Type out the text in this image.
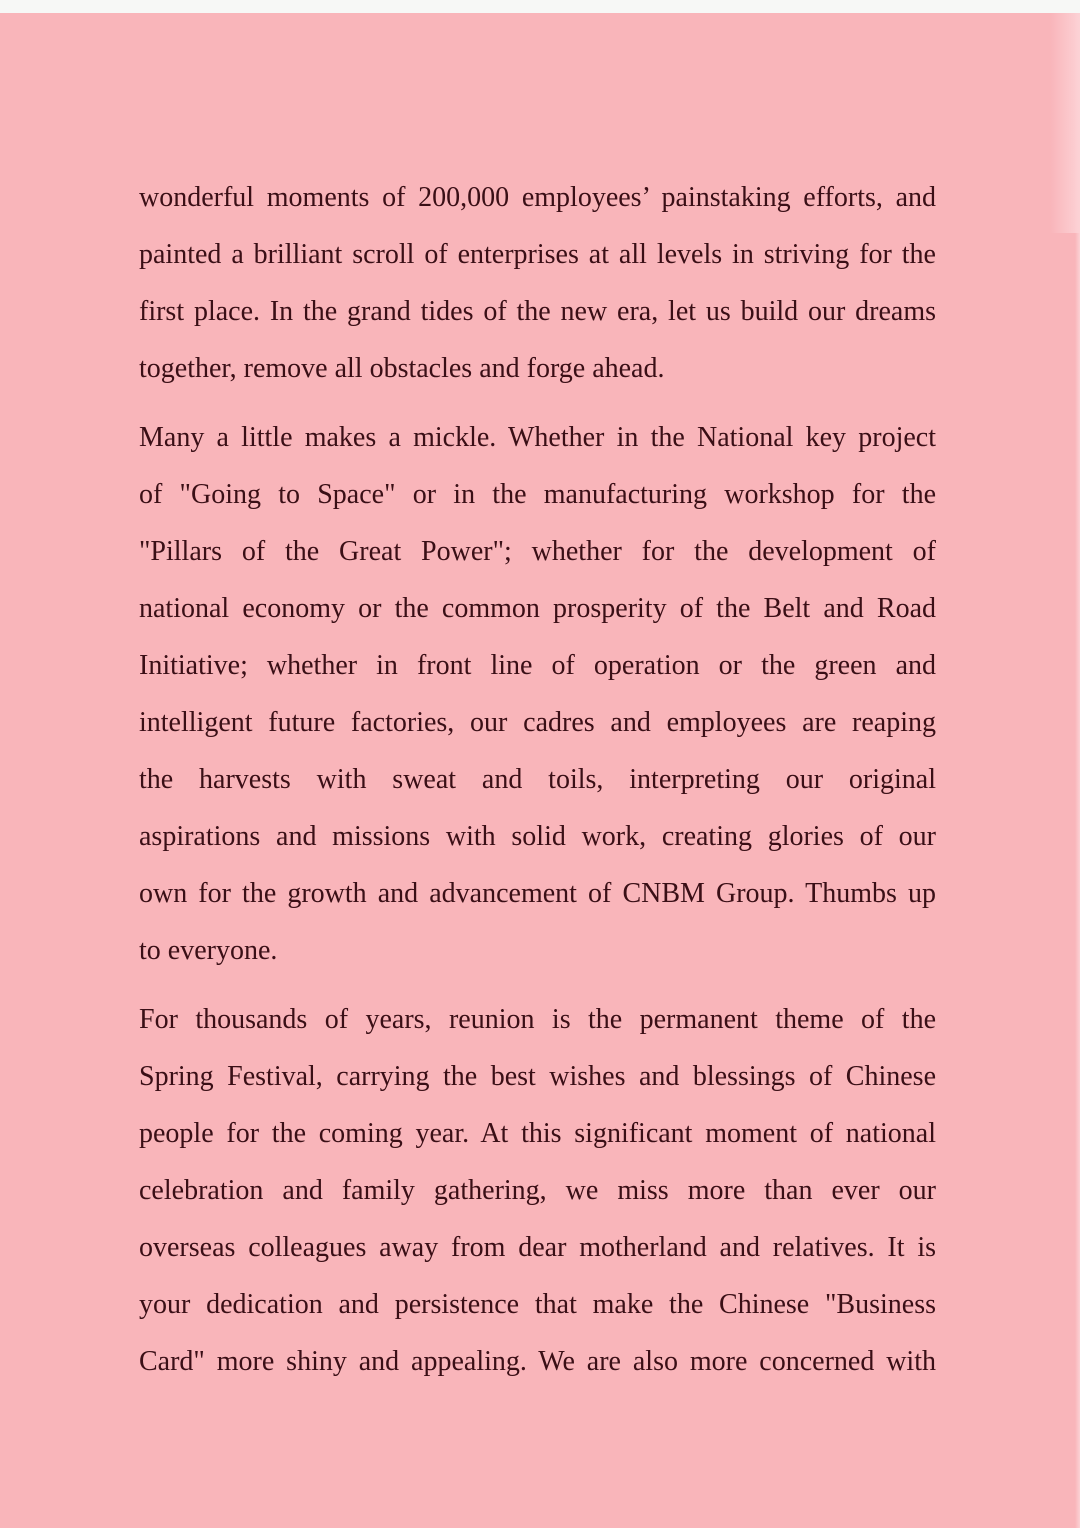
wonderful moments of 200,000 employees’ painstaking efforts, and
painted a brilliant scroll of enterprises at all levels in striving for the
first place. In the grand tides of the new era, let us build our dreams
together, remove all obstacles and forge ahead.
Many a little makes a mickle. Whether in the National key project
of "Going to Space" or in the manufacturing workshop for the
"Pillars of the Great Power"; whether for the development of
national economy or the common prosperity of the Belt and Road
Initiative; whether in front line of operation or the green and
intelligent future factories, our cadres and employees are reaping
the harvests with sweat and toils, interpreting our original
aspirations and missions with solid work, creating glories of our
own for the growth and advancement of CNBM Group. Thumbs up
to everyone.
For thousands of years, reunion is the permanent theme of the
Spring Festival, carrying the best wishes and blessings of Chinese
people for the coming year. At this significant moment of national
celebration and family gathering, we miss more than ever our
overseas colleagues away from dear motherland and relatives. It is
your dedication and persistence that make the Chinese "Business
Card" more shiny and appealing. We are also more concerned with
